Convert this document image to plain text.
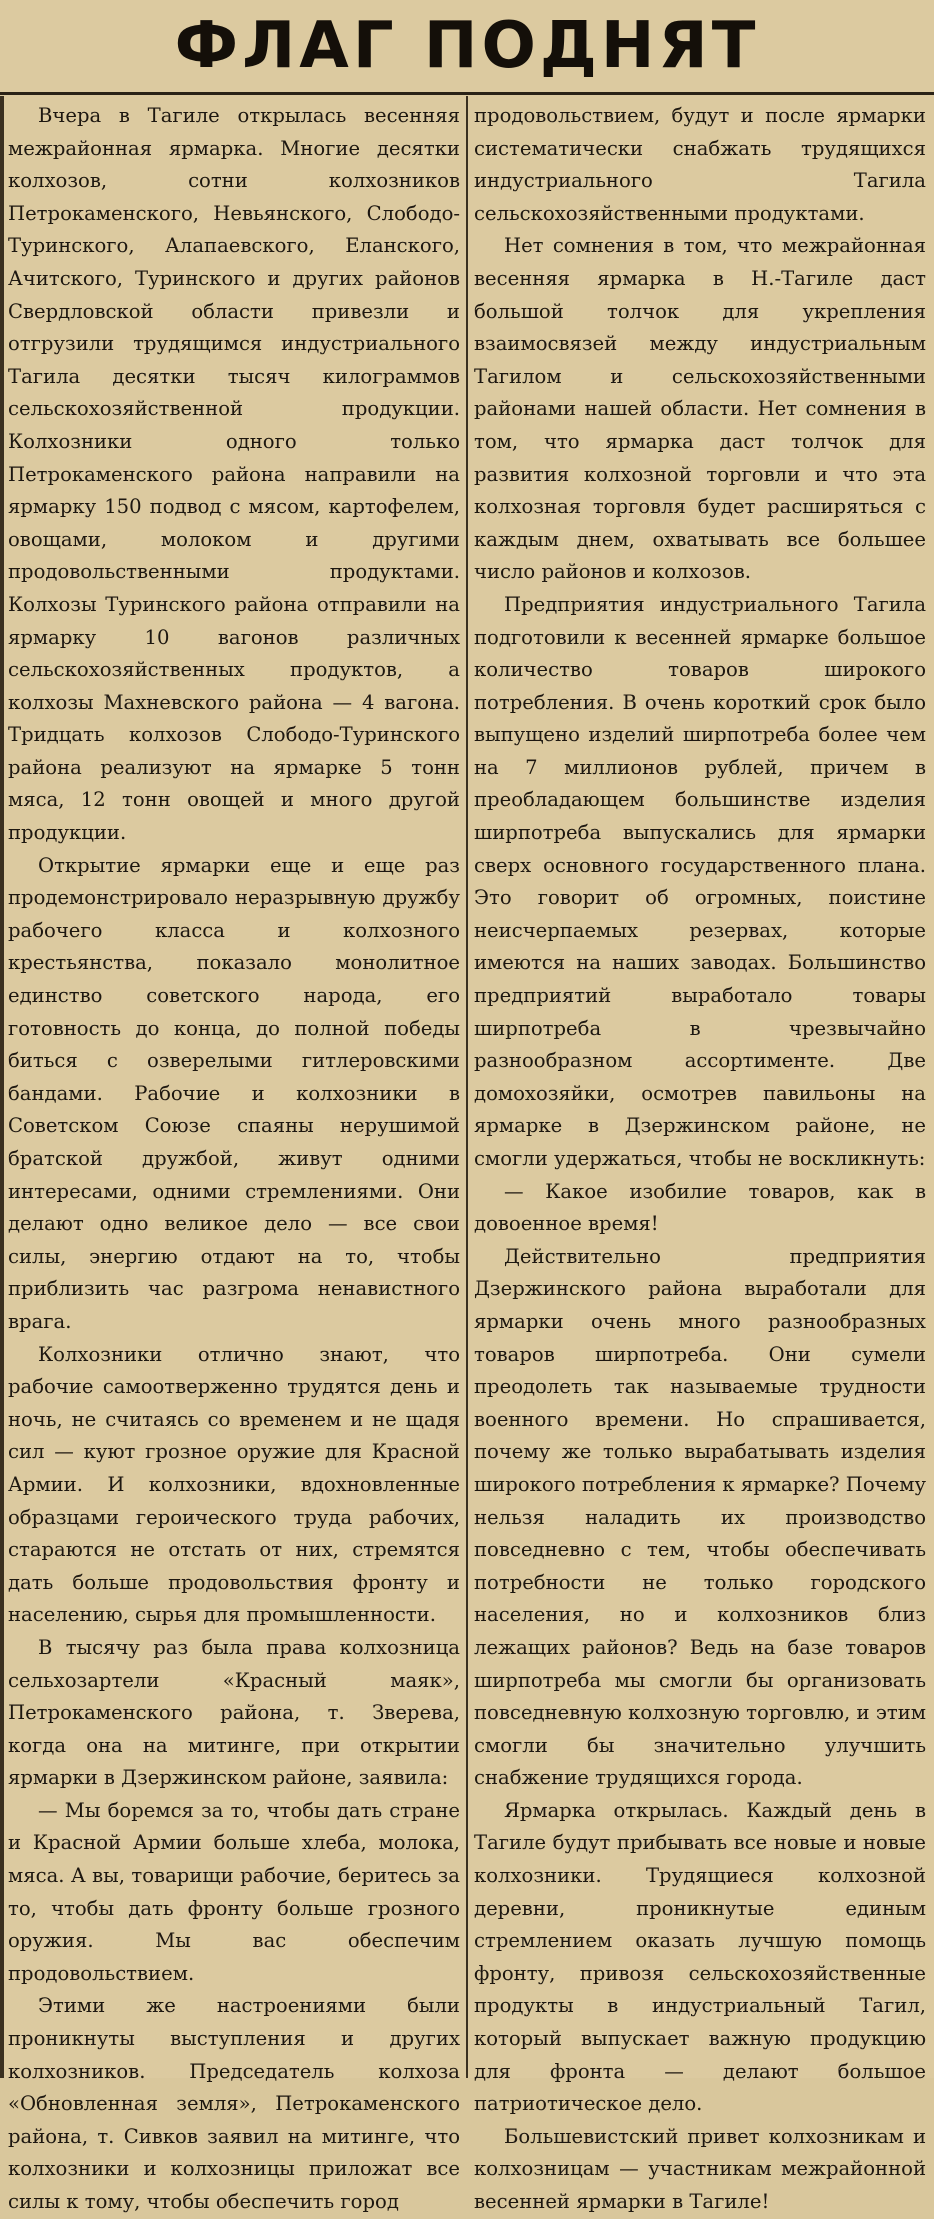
ФЛАГ ПОДНЯТ

Вчера в Тагиле открылась весенняя межрайонная ярмарка. Многие десятки колхозов, сотни колхозников Петрокаменского, Невьянского, Слободо-Туринского, Алапаевского, Еланского, Ачитского, Туринского и других районов Свердловской области привезли и отгрузили трудящимся индустриального Тагила десятки тысяч килограммов сельскохозяйственной продукции. Колхозники одного только Петрокаменского района направили на ярмарку 150 подвод с мясом, картофелем, овощами, молоком и другими продовольственными продуктами. Колхозы Туринского района отправили на ярмарку 10 вагонов различных сельскохозяйственных продуктов, а колхозы Махневского района — 4 вагона. Тридцать колхозов Слободо-Туринского района реализуют на ярмарке 5 тонн мяса, 12 тонн овощей и много другой продукции.

Открытие ярмарки еще и еще раз продемонстрировало неразрывную дружбу рабочего класса и колхозного крестьянства, показало монолитное единство советского народа, его готовность до конца, до полной победы биться с озверелыми гитлеровскими бандами. Рабочие и колхозники в Советском Союзе спаяны нерушимой братской дружбой, живут одними интересами, одними стремлениями. Они делают одно великое дело — все свои силы, энергию отдают на то, чтобы приблизить час разгрома ненавистного врага.

Колхозники отлично знают, что рабочие самоотверженно трудятся день и ночь, не считаясь со временем и не щадя сил — куют грозное оружие для Красной Армии. И колхозники, вдохновленные образцами героического труда рабочих, стараются не отстать от них, стремятся дать больше продовольствия фронту и населению, сырья для промышленности.

В тысячу раз была права колхозница сельхозартели «Красный маяк», Петрокаменского района, т. Зверева, когда она на митинге, при открытии ярмарки в Дзержинском районе, заявила:

— Мы боремся за то, чтобы дать стране и Красной Армии больше хлеба, молока, мяса. А вы, товарищи рабочие, беритесь за то, чтобы дать фронту больше грозного оружия. Мы вас обеспечим продовольствием.

Этими же настроениями были проникнуты выступления и других колхозников. Председатель колхоза «Обновленная земля», Петрокаменского района, т. Сивков заявил на митинге, что колхозники и колхозницы приложат все силы к тому, чтобы обеспечить город

продовольствием, будут и после ярмарки систематически снабжать трудящихся индустриального Тагила сельскохозяйственными продуктами.

Нет сомнения в том, что межрайонная весенняя ярмарка в Н.-Тагиле даст большой толчок для укрепления взаимосвязей между индустриальным Тагилом и сельскохозяйственными районами нашей области. Нет сомнения в том, что ярмарка даст толчок для развития колхозной торговли и что эта колхозная торговля будет расширяться с каждым днем, охватывать все большее число районов и колхозов.

Предприятия индустриального Тагила подготовили к весенней ярмарке большое количество товаров широкого потребления. В очень короткий срок было выпущено изделий ширпотреба более чем на 7 миллионов рублей, причем в преобладающем большинстве изделия ширпотреба выпускались для ярмарки сверх основного государственного плана. Это говорит об огромных, поистине неисчерпаемых резервах, которые имеются на наших заводах. Большинство предприятий выработало товары ширпотреба в чрезвычайно разнообразном ассортименте. Две домохозяйки, осмотрев павильоны на ярмарке в Дзержинском районе, не смогли удержаться, чтобы не воскликнуть:

— Какое изобилие товаров, как в довоенное время!

Действительно предприятия Дзержинского района выработали для ярмарки очень много разнообразных товаров ширпотреба. Они сумели преодолеть так называемые трудности военного времени. Но спрашивается, почему же только вырабатывать изделия широкого потребления к ярмарке? Почему нельзя наладить их производство повседневно с тем, чтобы обеспечивать потребности не только городского населения, но и колхозников близ лежащих районов? Ведь на базе товаров ширпотреба мы смогли бы организовать повседневную колхозную торговлю, и этим смогли бы значительно улучшить снабжение трудящихся города.

Ярмарка открылась. Каждый день в Тагиле будут прибывать все новые и новые колхозники. Трудящиеся колхозной деревни, проникнутые единым стремлением оказать лучшую помощь фронту, привозя сельскохозяйственные продукты в индустриальный Тагил, который выпускает важную продукцию для фронта — делают большое патриотическое дело.

Большевистский привет колхозникам и колхозницам — участникам межрайонной весенней ярмарки в Тагиле!
